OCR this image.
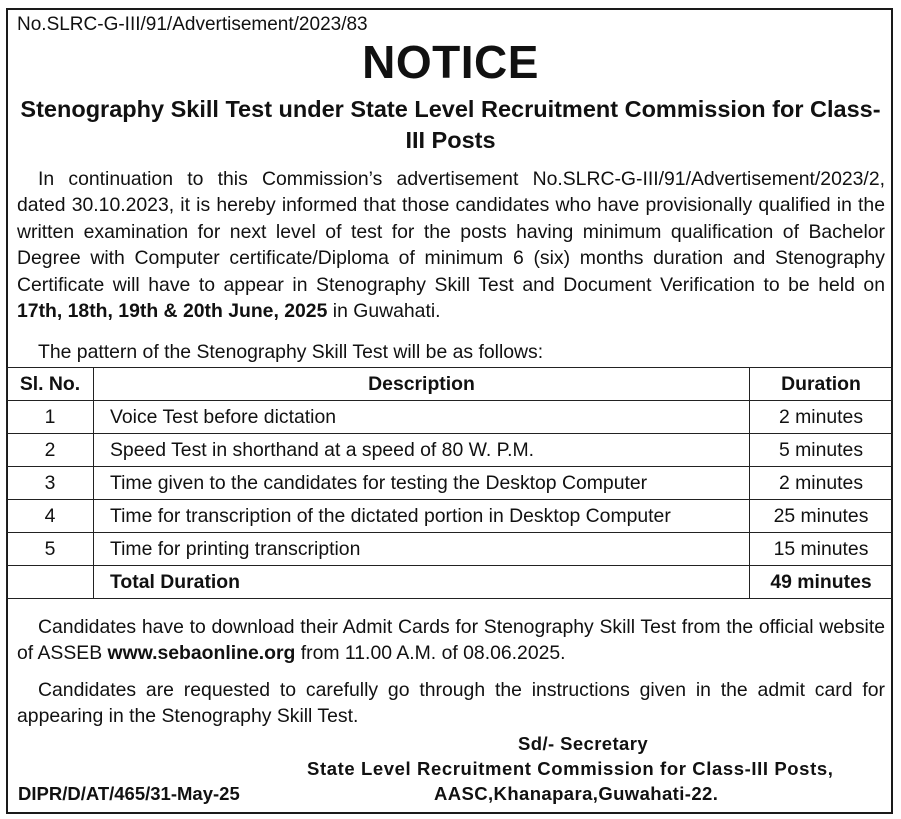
No.SLRC-G-III/91/Advertisement/2023/83
NOTICE
Stenography Skill Test under State Level Recruitment Commission for Class-III Posts
In continuation to this Commission’s advertisement No.SLRC-G-III/91/Advertisement/2023/2, dated 30.10.2023, it is hereby informed that those candidates who have provisionally qualified in the written examination for next level of test for the posts having minimum qualification of Bachelor Degree with Computer certificate/Diploma of minimum 6 (six) months duration and Stenography Certificate will have to appear in Stenography Skill Test and Document Verification to be held on 17th, 18th, 19th & 20th June, 2025 in Guwahati.
The pattern of the Stenography Skill Test will be as follows:
Sl. No.	Description	Duration
1	Voice Test before dictation	2 minutes
2	Speed Test in shorthand at a speed of 80 W. P.M.	5 minutes
3	Time given to the candidates for testing the Desktop Computer	2 minutes
4	Time for transcription of the dictated portion in Desktop Computer	25 minutes
5	Time for printing transcription	15 minutes
	Total Duration	49 minutes
Candidates have to download their Admit Cards for Stenography Skill Test from the official website of ASSEB www.sebaonline.org from 11.00 A.M. of 08.06.2025.
Candidates are requested to carefully go through the instructions given in the admit card for appearing in the Stenography Skill Test.
Sd/- Secretary
State Level Recruitment Commission for Class-III Posts,
AASC,Khanapara,Guwahati-22.
DIPR/D/AT/465/31-May-25
